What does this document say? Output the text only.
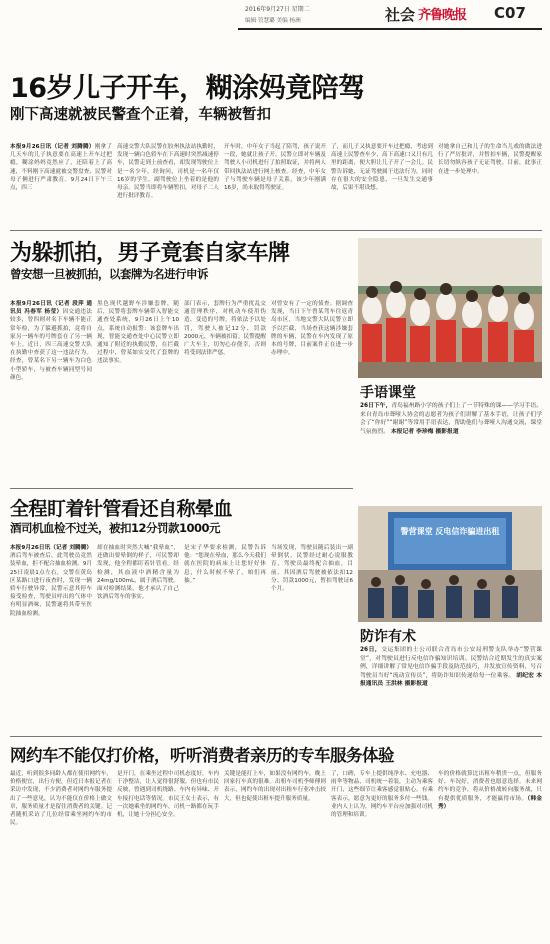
2016年9月27日 星期二
编辑 管慧璐 美编 杨洲	社会 齐鲁晚报 C07
16岁儿子开车，糊涂妈竟陪驾
刚下高速就被民警查个正着，车辆被暂扣
本报9月26日讯（记者 刘腾腾）刚拿了几天车的儿子执意要在高速上开车过把瘾，糊涂妈妈竟然应了，还陪着上了高速，不料刚下高速就被交警盘查，民警对母子俩进行严肃教育。9月24日下午三点，四三
高速交警大队民警在胶州执法站执勤时，发现一辆白色轿车在下高速时突然减速停车，民警走到上前查看，却发现驾驶位上是一名少年。经询问，司机是一名年仅16岁的学生，副驾驶位上坐着的是他的母亲。民警当即将车辆暂扣，对母子二人进行批评教育。
开车时，中年女子当起了陪驾，孩子说开一段，她就让孩子开。民警立即对车辆及驾驶人小司机进行了拍照取证，并将两人带回执法站进行网上核查。经查，中年女子与驾驶车辆是母子关系，该少年刚满16岁，尚未取得驾驶证。
了，而儿子又执意要开车过把瘾，考虑到高速上民警查车少，高下高速口又只有几里的距离，便大胆让儿子开了一会儿。民警告诉她，无证驾驶属于违法行为，同时存在很大的安全隐患，一旦发生交通事故，后果不堪设想。
对她拿自己和儿子的生命当儿戏的做法进行了严厉批评，并暂扣车辆，民警提醒家长切勿纵容孩子无证驾驶。目前，此事正在进一步处理中。
为躲抓拍，男子竟套自家车牌
曾安想一旦被抓拍，以套牌为名进行申诉
本报9月26日讯（记者 段萍 通讯员 冯春军 杨莹）因交通违法较多，曾四则对名下车辆不能正常年检，为了躲避抓拍，竟将自家另一辆车的号牌套在了另一辆车上。近日，四三高速交警大队在执勤中查获了这一违法行为。经查，曾某名下另一辆车为白色小型轿车，与被查车辆同型号同颜色。
黑色现代越野车涉嫌套牌，随后，民警将套牌车辆带入智能交通查处系统，9月26日上午10点，系统自动报警：该套牌车出现，智能交通查处中心民警立即通知了附近的执勤民警，在拦截过程中，曾某如实交代了套牌的违法事实。
部门表示，套牌行为严重扰乱交通管理秩序，对机动车使用伪造、变造的号牌，将依法予以处罚，驾驶人被记12分、罚款2000元，车辆被扣留。民警提醒广大车主，切勿心存侥幸，否则将受到法律严惩。
对曾安有了一定的侦查。据调查发现，当日下午曾某驾车往返青岛市区，当地交警大队民警立即予以拦截，当场查获这辆涉嫌套牌的车辆，民警在车内发现了原本的号牌，目前案件正在进一步办理中。
手语课堂
26日下午，青岛福州路小学的孩子们上了一节特殊的课——学习手语。来自青岛市聋哑人协会的志愿者为孩子们讲解了基本手语，让孩子们学会了“你好”“谢谢”等常用手语表达，帮助他们与聋哑人沟通交流，课堂气氛热烈。 本报记者 李珍梅 摄影报道
全程盯着针管看还自称晕血
酒司机血检不过关，被扣12分罚款1000元
本报9月26日讯（记者 刘腾腾）酒后驾车被查后，此驾驶员竟然装晕血，拒不配合抽血检测。9月25日凌晨1点左右，交警在黄岛区某路口进行夜查时，发现一辆轿车行驶异常，民警示意其停车接受检查，驾驶员呼出的气体中有明显酒味，民警遂将其带至医院抽血检测。
却在抽血时突然大喊“我晕血”，还做出要晕倒的样子，可民警却发现，他全程都盯着针管看。经检测，其血液中酒精含量为24mg/100mL，属于酒后驾驶。面对检测结果，他才承认了自己饮酒后驾车的事实。
是宋子华要求检测，民警告诉他：“您现在晕血，那么今天我们就在医院的病床上让您好好休息，什么时候不晕了，咱们再抽。”
当场发现，驾驶员随后装出一副晕倒状，民警经过耐心说服教育，驾驶员最终配合抽血，目前，其因酒后驾驶被依法扣12分、罚款1000元，暂扣驾驶证6个月。
警营课堂 反电信诈骗进出租
防诈有术
26日，交运集团的士公司联合青岛市公安局刑警支队举办“警营课堂”，对驾驶员进行反电信诈骗知识培训。民警结合近期发生的真实案例，详细讲解了常见电信诈骗手段及防范技巧，并发放宣传资料，号召驾驶员当好“流动宣传员”，将防诈知识传递给每一位乘客。 胡纪宏 本报通讯员 王洪林 摄影报道
网约车不能仅打价格，听听消费者亲历的专车服务体验
最近，听到很多同龄人都在使用网约车，价格便宜，出行方便，但近日本报记者在采访中发现，不少消费者对网约车服务提出了一些意见，认为不能仅在价格上做文章，服务质量才是留住消费者的关键。记者随机采访了几位经常乘坐网约车的市民。
是开门，在乘坐过程中司机态度好，车内干净整洁，让人觉得很舒服。但也有市民反映，曾遇到司机绕路、车内有异味、开车接打电话等情况。市民王女士表示，有一次她乘坐的网约车，司机一路都在玩手机，让她十分担心安全。
关键是能打上车，如果没有网约车，晚上回家打车真的很难。出租车司机李师傅则表示，网约车的出现对出租车行业冲击较大，但也促使出租车提升服务质量。
了，口碑，专车上提供纯净水、充电器、雨伞等物品，司机统一着装，主动为乘客开门，这些细节让乘客感觉很贴心。有乘客表示，愿意为更好的服务多付一些钱。业内人士认为，网约车平台应加强对司机的管理和培训。
车的价格就算比出租车稍贵一点，但服务好、车况好，消费者也愿意选择。未来网约车的竞争，将从价格战转向服务战，只有提供优质服务，才能赢得市场。（韩金秀）
